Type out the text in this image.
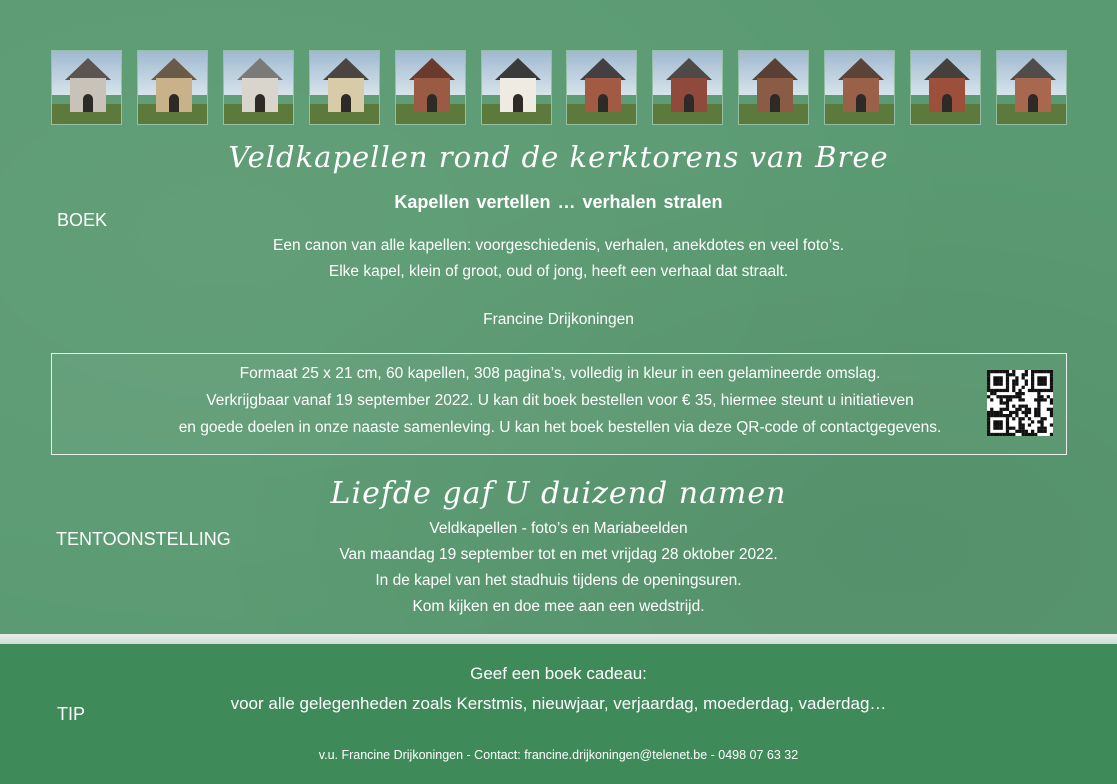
Veldkapellen rond de kerktorens van Bree
BOEK
Kapellen vertellen … verhalen stralen
Een canon van alle kapellen: voorgeschiedenis, verhalen, anekdotes en veel foto’s.
Elke kapel, klein of groot, oud of jong, heeft een verhaal dat straalt.
Francine Drijkoningen
Formaat 25 x 21 cm, 60 kapellen, 308 pagina’s, volledig in kleur in een gelamineerde omslag.
Verkrijgbaar vanaf 19 september 2022. U kan dit boek bestellen voor € 35, hiermee steunt u initiatieven
en goede doelen in onze naaste samenleving. U kan het boek bestellen via deze QR-code of contactgegevens.
Liefde gaf U duizend namen
TENTOONSTELLING
Veldkapellen - foto’s en Mariabeelden
Van maandag 19 september tot en met vrijdag 28 oktober 2022.
In de kapel van het stadhuis tijdens de openingsuren.
Kom kijken en doe mee aan een wedstrijd.
Geef een boek cadeau:
voor alle gelegenheden zoals Kerstmis, nieuwjaar, verjaardag, moederdag, vaderdag…
TIP
v.u. Francine Drijkoningen - Contact: francine.drijkoningen@telenet.be - 0498 07 63 32
